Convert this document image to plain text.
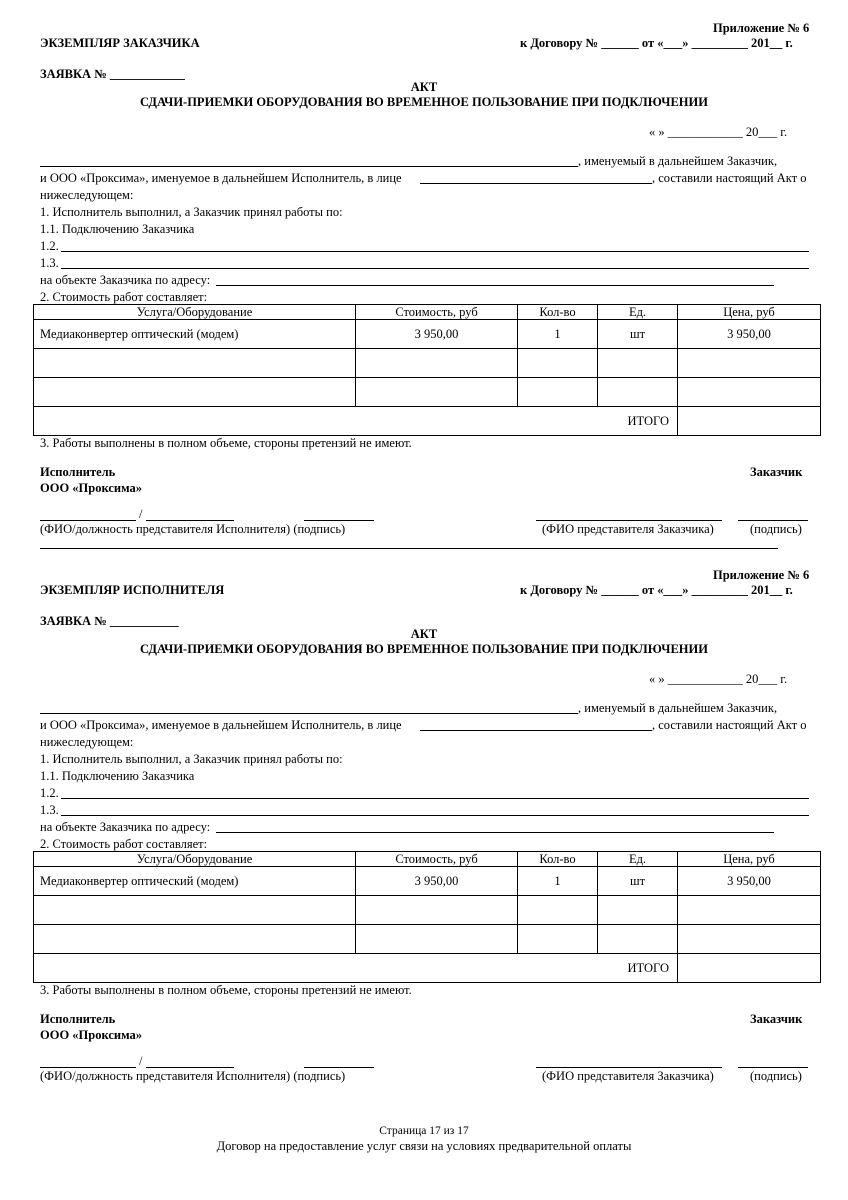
Приложение № 6
ЭКЗЕМПЛЯР ЗАКАЗЧИКА	к Договору № ______ от «___» _________ 201__ г.
ЗАЯВКА № ____________
АКТ
СДАЧИ-ПРИЕМКИ ОБОРУДОВАНИЯ ВО ВРЕМЕННОЕ ПОЛЬЗОВАНИЕ ПРИ ПОДКЛЮЧЕНИИ
« » ____________ 20___ г.
, именуемый в дальнейшем Заказчик,
и ООО «Проксима», именуемое в дальнейшем Исполнитель, в лице	, составили настоящий Акт о
нижеследующем:
1. Исполнитель выполнил, а Заказчик принял работы по:
1.1. Подключению Заказчика
1.2.
1.3.
на объекте Заказчика по адресу:
2. Стоимость работ составляет:
Услуга/Оборудование	Стоимость, руб	Кол-во	Ед.	Цена, руб
Медиаконвертер оптический (модем)	3 950,00	1	шт	3 950,00

ИТОГО				
3. Работы выполнены в полном объеме, стороны претензий не имеют.
Исполнитель
ООО «Проксима»
Заказчик
/
(ФИО/должность представителя Исполнителя) (подпись)	(ФИО представителя Заказчика)	(подпись)
Приложение № 6
ЭКЗЕМПЛЯР ИСПОЛНИТЕЛЯ	к Договору № ______ от «___» _________ 201__ г.
ЗАЯВКА № ___________
АКТ
СДАЧИ-ПРИЕМКИ ОБОРУДОВАНИЯ ВО ВРЕМЕННОЕ ПОЛЬЗОВАНИЕ ПРИ ПОДКЛЮЧЕНИИ
« » ____________ 20___ г.
, именуемый в дальнейшем Заказчик,
и ООО «Проксима», именуемое в дальнейшем Исполнитель, в лице	, составили настоящий Акт о
нижеследующем:
1. Исполнитель выполнил, а Заказчик принял работы по:
1.1. Подключению Заказчика
1.2.
1.3.
на объекте Заказчика по адресу:
2. Стоимость работ составляет:
Услуга/Оборудование	Стоимость, руб	Кол-во	Ед.	Цена, руб
Медиаконвертер оптический (модем)	3 950,00	1	шт	3 950,00

ИТОГО				
3. Работы выполнены в полном объеме, стороны претензий не имеют.
Исполнитель
ООО «Проксима»
Заказчик
/
(ФИО/должность представителя Исполнителя) (подпись)	(ФИО представителя Заказчика)	(подпись)
Страница 17 из 17
Договор на предоставление услуг связи на условиях предварительной оплаты
